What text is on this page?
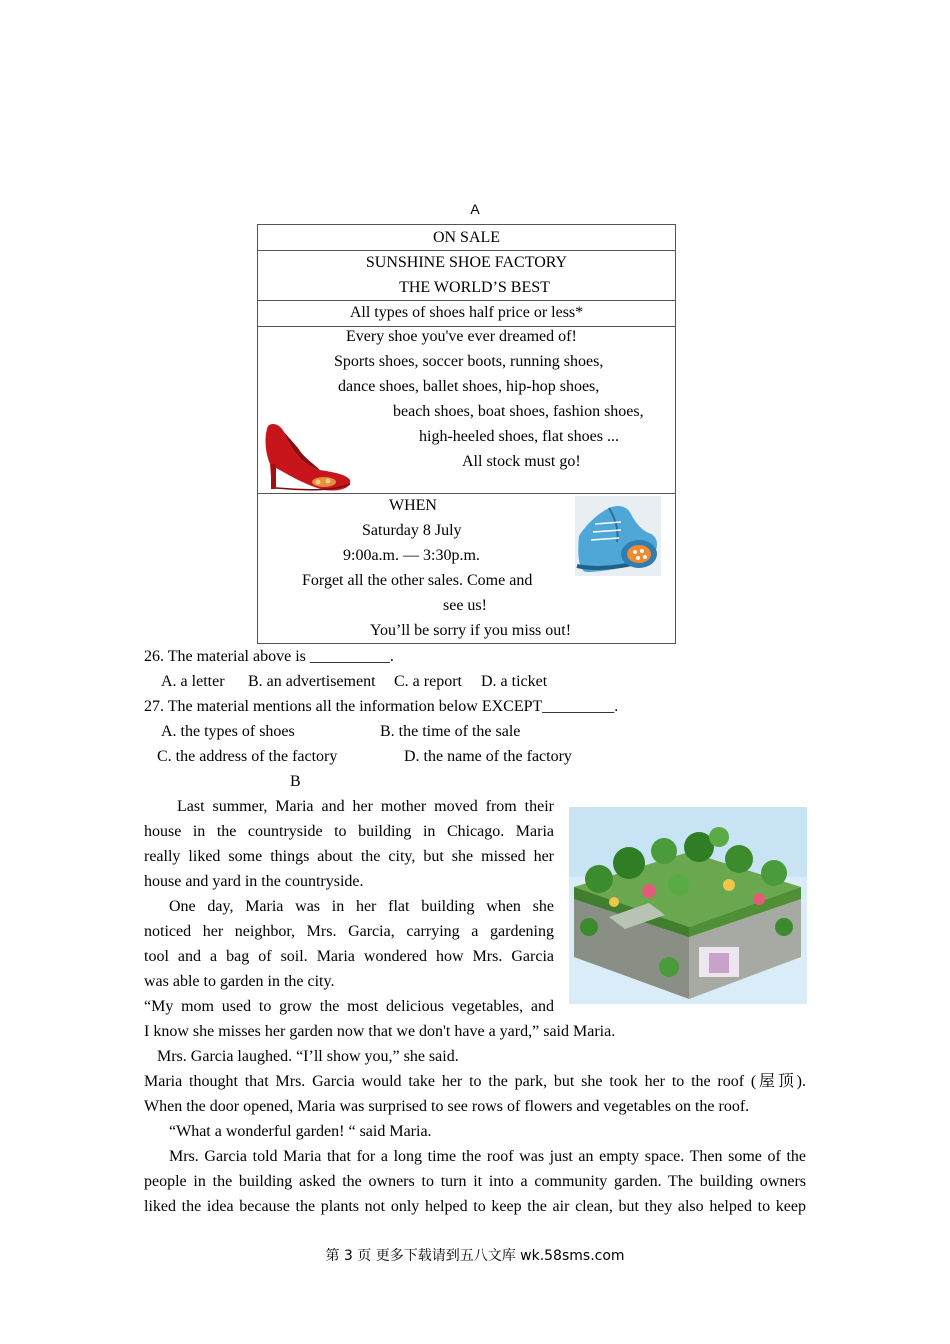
A
ON SALE
SUNSHINE SHOE FACTORY
THE WORLD’S BEST
All types of shoes half price or less*
Every shoe you've ever dreamed of!
Sports shoes, soccer boots, running shoes,
dance shoes, ballet shoes, hip-hop shoes,
beach shoes, boat shoes, fashion shoes,
high-heeled shoes, flat shoes ...
All stock must go!
WHEN
Saturday 8 July
9:00a.m. — 3:30p.m.
Forget all the other sales. Come and
see us!
You’ll be sorry if you miss out!
26. The material above is __________.
A. a letter B. an advertisement C. a report D. a ticket
27. The material mentions all the information below EXCEPT_________.
A. the types of shoes	B. the time of the sale
C. the address of the factory	D. the name of the factory
B
Last summer, Maria and her mother moved from their
house in the countryside to building in Chicago. Maria
really liked some things about the city, but she missed her
house and yard in the countryside.
One day, Maria was in her flat building when she
noticed her neighbor, Mrs. Garcia, carrying a gardening
tool and a bag of soil. Maria wondered how Mrs. Garcia
was able to garden in the city.
“My mom used to grow the most delicious vegetables, and
I know she misses her garden now that we don't have a yard,” said Maria.
Mrs. Garcia laughed. “I’ll show you,” she said.
Maria thought that Mrs. Garcia would take her to the park, but she took her to the roof (屋顶).
When the door opened, Maria was surprised to see rows of flowers and vegetables on the roof.
“What a wonderful garden! “ said Maria.
Mrs. Garcia told Maria that for a long time the roof was just an empty space. Then some of the
people in the building asked the owners to turn it into a community garden. The building owners
liked the idea because the plants not only helped to keep the air clean, but they also helped to keep
第 3 页 更多下载请到五八文库 wk.58sms.com
